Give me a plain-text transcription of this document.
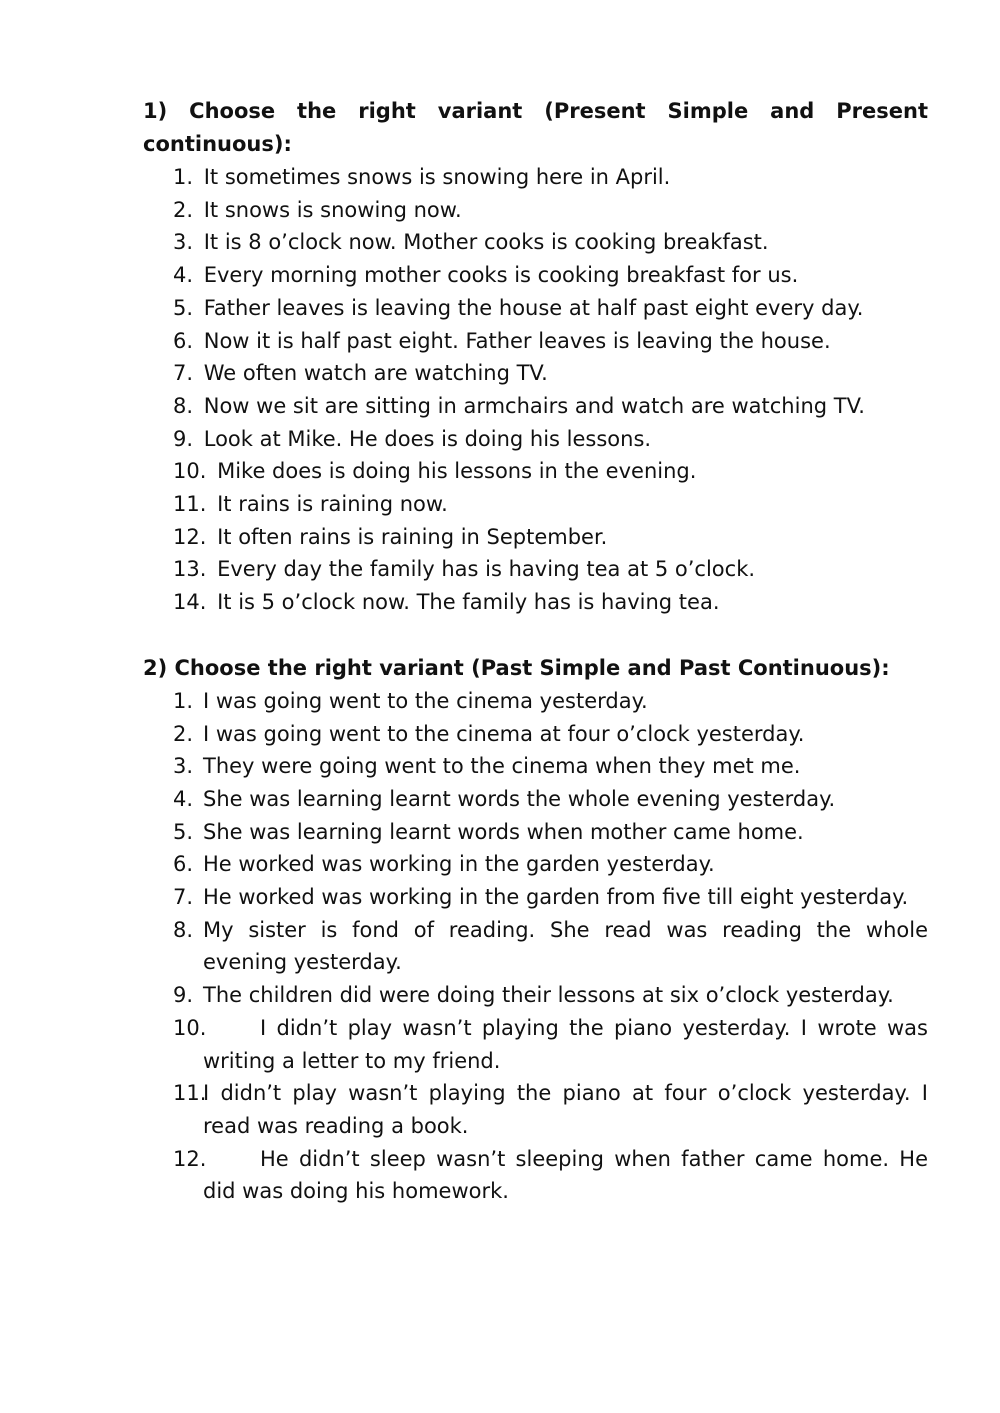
1) Choose the right variant (Present Simple and Present continuous):

1. It sometimes snows is snowing here in April.
2. It snows is snowing now.
3. It is 8 o’clock now. Mother cooks is cooking breakfast.
4. Every morning mother cooks is cooking breakfast for us.
5. Father leaves is leaving the house at half past eight every day.
6. Now it is half past eight. Father leaves is leaving the house.
7. We often watch are watching TV.
8. Now we sit are sitting in armchairs and watch are watching TV.
9. Look at Mike. He does is doing his lessons.
10. Mike does is doing his lessons in the evening.
11. It rains is raining now.
12. It often rains is raining in September.
13. Every day the family has is having tea at 5 o’clock.
14. It is 5 o’clock now. The family has is having tea.

2) Choose the right variant (Past Simple and Past Continuous):

1. I was going went to the cinema yesterday.
2. I was going went to the cinema at four o’clock yesterday.
3. They were going went to the cinema when they met me.
4. She was learning learnt words the whole evening yesterday.
5. She was learning learnt words when mother came home.
6. He worked was working in the garden yesterday.
7. He worked was working in the garden from five till eight yesterday.
8. My sister is fond of reading. She read was reading the whole evening yesterday.
9. The children did were doing their lessons at six o’clock yesterday.
10.	I didn’t play wasn’t playing the piano yesterday. I wrote was writing a letter to my friend.
11.
I didn’t play wasn’t playing the piano at four o’clock yesterday. I read was reading a book.
12.	He didn’t sleep wasn’t sleeping when father came home. He did was doing his homework.
